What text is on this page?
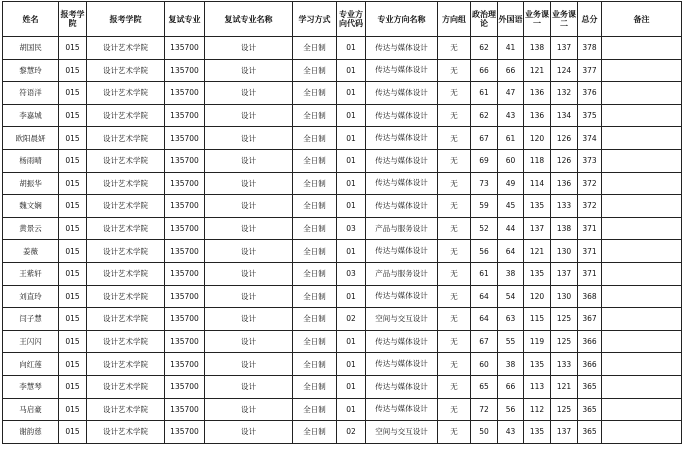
姓名	报考学院	报考学院	复试专业	复试专业名称	学习方式	专业方向代码	专业方向名称	方向组	政治理论	外国语	业务课一	业务课二	总分	备注
胡国民	015	设计艺术学院	135700	设计	全日制	01	传达与媒体设计	无	62	41	138	137	378	
黎慧玲	015	设计艺术学院	135700	设计	全日制	01	传达与媒体设计	无	66	66	121	124	377	
符语洋	015	设计艺术学院	135700	设计	全日制	01	传达与媒体设计	无	61	47	136	132	376	
李嘉城	015	设计艺术学院	135700	设计	全日制	01	传达与媒体设计	无	62	43	136	134	375	
欧阳晨妍	015	设计艺术学院	135700	设计	全日制	01	传达与媒体设计	无	67	61	120	126	374	
杨雨晴	015	设计艺术学院	135700	设计	全日制	01	传达与媒体设计	无	69	60	118	126	373	
胡振华	015	设计艺术学院	135700	设计	全日制	01	传达与媒体设计	无	73	49	114	136	372	
魏文娴	015	设计艺术学院	135700	设计	全日制	01	传达与媒体设计	无	59	45	135	133	372	
黄景云	015	设计艺术学院	135700	设计	全日制	03	产品与服务设计	无	52	44	137	138	371	
姜薇	015	设计艺术学院	135700	设计	全日制	01	传达与媒体设计	无	56	64	121	130	371	
王紫轩	015	设计艺术学院	135700	设计	全日制	03	产品与服务设计	无	61	38	135	137	371	
刘直玲	015	设计艺术学院	135700	设计	全日制	01	传达与媒体设计	无	64	54	120	130	368	
闫子慧	015	设计艺术学院	135700	设计	全日制	02	空间与交互设计	无	64	63	115	125	367	
王闪闪	015	设计艺术学院	135700	设计	全日制	01	传达与媒体设计	无	67	55	119	125	366	
向红莲	015	设计艺术学院	135700	设计	全日制	01	传达与媒体设计	无	60	38	135	133	366	
李慧琴	015	设计艺术学院	135700	设计	全日制	01	传达与媒体设计	无	65	66	113	121	365	
马启豪	015	设计艺术学院	135700	设计	全日制	01	传达与媒体设计	无	72	56	112	125	365	
谢韵慈	015	设计艺术学院	135700	设计	全日制	02	空间与交互设计	无	50	43	135	137	365	
